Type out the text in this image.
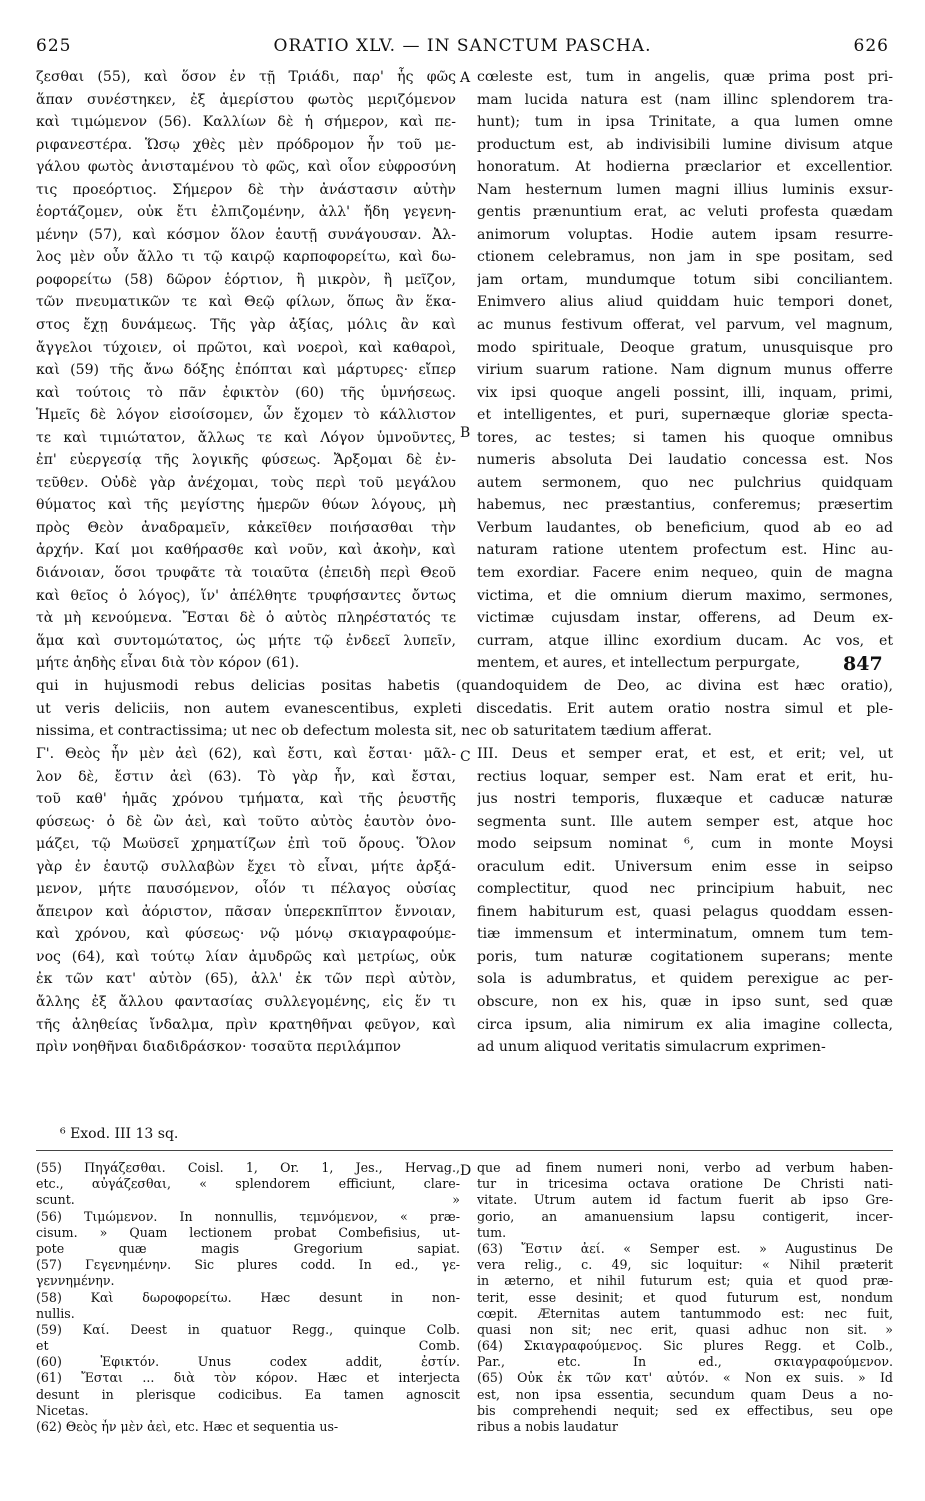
625	ORATIO XLV. — IN SANCTUM PASCHA.	626
ζεσθαι (55), καὶ ὅσον ἐν τῇ Τριάδι, παρ' ἧς φῶς
ἅπαν συνέστηκεν, ἐξ ἀμερίστου φωτὸς μεριζόμενον
καὶ τιμώμενον (56). Καλλίων δὲ ἡ σήμερον, καὶ πε-
ριφανεστέρα. Ὥσῳ χθὲς μὲν πρόδρομον ἦν τοῦ με-
γάλου φωτὸς ἀνισταμένου τὸ φῶς, καὶ οἷον εὐφροσύνη
τις προεόρτιος. Σήμερον δὲ τὴν ἀνάστασιν αὐτὴν
ἑορτάζομεν, οὐκ ἔτι ἐλπιζομένην, ἀλλ' ἤδη γεγενη-
μένην (57), καὶ κόσμον ὅλον ἑαυτῇ συνάγουσαν. Ἀλ-
λος μὲν οὖν ἄλλο τι τῷ καιρῷ καρποφορείτω, καὶ δω-
ροφορείτω (58) δῶρον ἑόρτιον, ἢ μικρὸν, ἢ μεῖζον,
τῶν πνευματικῶν τε καὶ Θεῷ φίλων, ὅπως ἂν ἕκα-
στος ἔχῃ δυνάμεως. Τῆς γὰρ ἀξίας, μόλις ἂν καὶ
ἄγγελοι τύχοιεν, οἱ πρῶτοι, καὶ νοεροὶ, καὶ καθαροὶ,
καὶ (59) τῆς ἄνω δόξης ἐπόπται καὶ μάρτυρες· εἴπερ
καὶ τούτοις τὸ πᾶν ἐφικτὸν (60) τῆς ὑμνήσεως.
Ἡμεῖς δὲ λόγον εἰσοίσομεν, ὧν ἔχομεν τὸ κάλλιστον
τε καὶ τιμιώτατον, ἄλλως τε καὶ Λόγον ὑμνοῦντες,
ἐπ' εὐεργεσίᾳ τῆς λογικῆς φύσεως. Ἄρξομαι δὲ ἐν-
τεῦθεν. Οὐδὲ γὰρ ἀνέχομαι, τοὺς περὶ τοῦ μεγάλου
θύματος καὶ τῆς μεγίστης ἡμερῶν θύων λόγους, μὴ
πρὸς Θεὸν ἀναδραμεῖν, κἀκεῖθεν ποιήσασθαι τὴν
ἀρχήν. Καί μοι καθήρασθε καὶ νοῦν, καὶ ἀκοὴν, καὶ
διάνοιαν, ὅσοι τρυφᾶτε τὰ τοιαῦτα (ἐπειδὴ περὶ Θεοῦ
καὶ θεῖος ὁ λόγος), ἵν' ἀπέλθητε τρυφήσαντες ὄντως
τὰ μὴ κενούμενα. Ἔσται δὲ ὁ αὐτὸς πληρέστατός τε
ἅμα καὶ συντομώτατος, ὡς μήτε τῷ ἐνδεεῖ λυπεῖν,
μήτε ἀηδὴς εἶναι διὰ τὸν κόρον (61).
cœleste est, tum in angelis, quæ prima post pri-
mam lucida natura est (nam illinc splendorem tra-
hunt); tum in ipsa Trinitate, a qua lumen omne
productum est, ab indivisibili lumine divisum atque
honoratum. At hodierna præclarior et excellentior.
Nam hesternum lumen magni illius luminis exsur-
gentis prænuntium erat, ac veluti profesta quædam
animorum voluptas. Hodie autem ipsam resurre-
ctionem celebramus, non jam in spe positam, sed
jam ortam, mundumque totum sibi conciliantem.
Enimvero alius aliud quiddam huic tempori donet,
ac munus festivum offerat, vel parvum, vel magnum,
modo spirituale, Deoque gratum, unusquisque pro
virium suarum ratione. Nam dignum munus offerre
vix ipsi quoque angeli possint, illi, inquam, primi,
et intelligentes, et puri, supernæque gloriæ specta-
tores, ac testes; si tamen his quoque omnibus
numeris absoluta Dei laudatio concessa est. Nos
autem sermonem, quo nec pulchrius quidquam
habemus, nec præstantius, conferemus; præsertim
Verbum laudantes, ob beneficium, quod ab eo ad
naturam ratione utentem profectum est. Hinc au-
tem exordiar. Facere enim nequeo, quin de magna
victima, et die omnium dierum maximo, sermones,
victimæ cujusdam instar, offerens, ad Deum ex-
curram, atque illinc exordium ducam. Ac vos, et
mentem, et aures, et intellectum perpurgate,
qui in hujusmodi rebus delicias positas habetis (quandoquidem de Deo, ac divina est hæc oratio),
ut veris deliciis, non autem evanescentibus, expleti discedatis. Erit autem oratio nostra simul et ple-
nissima, et contractissima; ut nec ob defectum molesta sit, nec ob saturitatem tædium afferat.
Γ'. Θεὸς ἦν μὲν ἀεὶ (62), καὶ ἔστι, καὶ ἔσται· μᾶλ-
λον δὲ, ἔστιν ἀεὶ (63). Τὸ γὰρ ἦν, καὶ ἔσται,
τοῦ καθ' ἡμᾶς χρόνου τμήματα, καὶ τῆς ῥευστῆς
φύσεως· ὁ δὲ ὢν ἀεὶ, καὶ τοῦτο αὐτὸς ἑαυτὸν ὀνο-
μάζει, τῷ Μωϋσεῖ χρηματίζων ἐπὶ τοῦ ὄρους. Ὅλον
γὰρ ἐν ἑαυτῷ συλλαβὼν ἔχει τὸ εἶναι, μήτε ἀρξά-
μενον, μήτε παυσόμενον, οἷόν τι πέλαγος οὐσίας
ἄπειρον καὶ ἀόριστον, πᾶσαν ὑπερεκπῖπτον ἔννοιαν,
καὶ χρόνου, καὶ φύσεως· νῷ μόνῳ σκιαγραφούμε-
νος (64), καὶ τούτῳ λίαν ἀμυδρῶς καὶ μετρίως, οὐκ
ἐκ τῶν κατ' αὐτὸν (65), ἀλλ' ἐκ τῶν περὶ αὐτὸν,
ἄλλης ἐξ ἄλλου φαντασίας συλλεγομένης, εἰς ἕν τι
τῆς ἀληθείας ἴνδαλμα, πρὶν κρατηθῆναι φεῦγον, καὶ
πρὶν νοηθῆναι διαδιδράσκον· τοσαῦτα περιλάμπον
III. Deus et semper erat, et est, et erit; vel, ut
rectius loquar, semper est. Nam erat et erit, hu-
jus nostri temporis, fluxæque et caducæ naturæ
segmenta sunt. Ille autem semper est, atque hoc
modo seipsum nominat ⁶, cum in monte Moysi
oraculum edit. Universum enim esse in seipso
complectitur, quod nec principium habuit, nec
finem habiturum est, quasi pelagus quoddam essen-
tiæ immensum et interminatum, omnem tum tem-
poris, tum naturæ cogitationem superans; mente
sola is adumbratus, et quidem perexigue ac per-
obscure, non ex his, quæ in ipso sunt, sed quæ
circa ipsum, alia nimirum ex alia imagine collecta,
ad unum aliquod veritatis simulacrum exprimen-
A
B
C
D
847
⁶ Exod. III 13 sq.
(55) Πηγάζεσθαι. Coisl. 1, Or. 1, Jes., Hervag.,
etc., αὐγάζεσθαι, « splendorem efficiunt, clare-
scunt. »
(56) Τιμώμενον. In nonnullis, τεμνόμενον, « præ-
cisum. » Quam lectionem probat Combefisius, ut-
pote quæ magis Gregorium sapiat.
(57) Γεγενημένην. Sic plures codd. In ed., γε-
γεννημένην.
(58) Καὶ δωροφορείτω. Hæc desunt in non-
nullis.
(59) Καί. Deest in quatuor Regg., quinque Colb.
et Comb.
(60) Ἐφικτόν. Unus codex addit, ἐστίν.
(61) Ἔσται ... διὰ τὸν κόρον. Hæc et interjecta
desunt in plerisque codicibus. Ea tamen agnoscit
Nicetas.
(62) Θεὸς ἦν μὲν ἀεὶ, etc. Hæc et sequentia us-
que ad finem numeri noni, verbo ad verbum haben-
tur in tricesima octava oratione De Christi nati-
vitate. Utrum autem id factum fuerit ab ipso Gre-
gorio, an amanuensium lapsu contigerit, incer-
tum.
(63) Ἔστιν ἀεί. « Semper est. » Augustinus De
vera relig., c. 49, sic loquitur: « Nihil præterit
in æterno, et nihil futurum est; quia et quod præ-
terit, esse desinit; et quod futurum est, nondum
cœpit. Æternitas autem tantummodo est: nec fuit,
quasi non sit; nec erit, quasi adhuc non sit. »
(64) Σκιαγραφούμενος. Sic plures Regg. et Colb.,
Par., etc. In ed., σκιαγραφούμενον.
(65) Οὐκ ἐκ τῶν κατ' αὐτόν. « Non ex suis. » Id
est, non ipsa essentia, secundum quam Deus a no-
bis comprehendi nequit; sed ex effectibus, seu ope
ribus a nobis laudatur
